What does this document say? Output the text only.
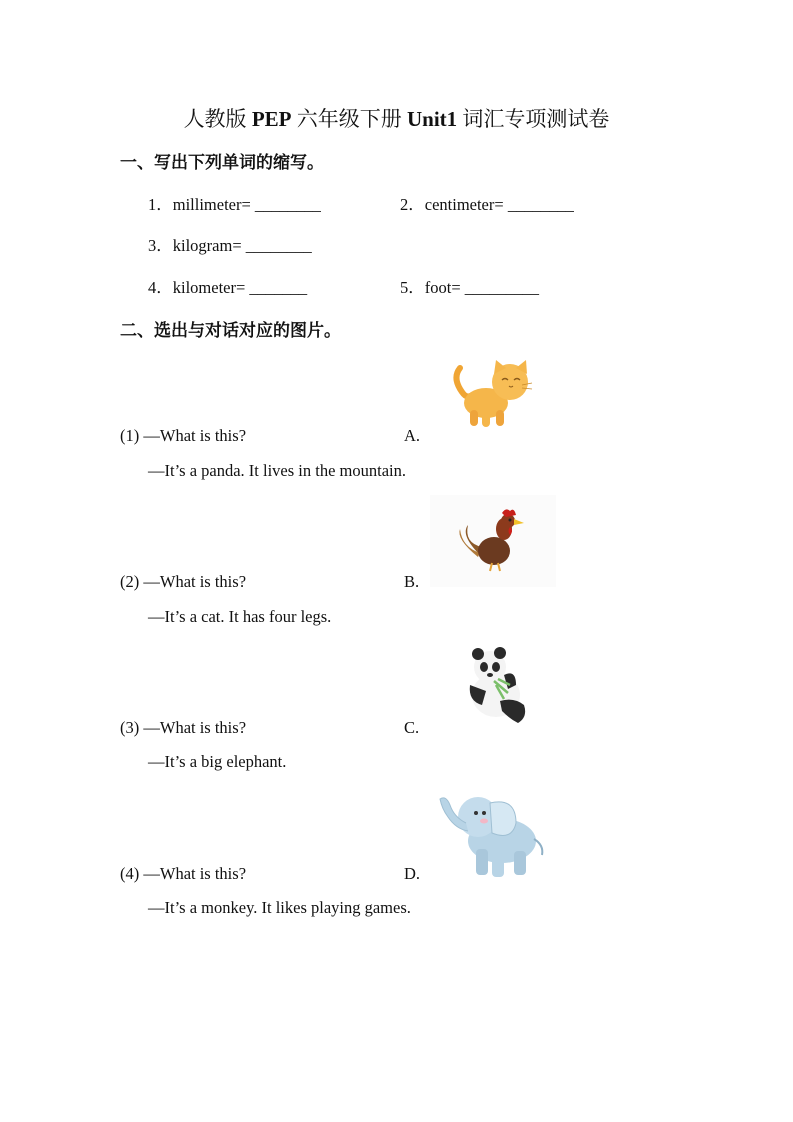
人教版 PEP 六年级下册 Unit1 词汇专项测试卷
一、写出下列单词的缩写。
1．millimeter= ________	2．centimeter= ________
3．kilogram= ________
4．kilometer= _______	5．foot= _________
二、选出与对话对应的图片。
(1) —What is this?	A.
—It’s a panda. It lives in the mountain.
(2) —What is this?	B.
—It’s a cat. It has four legs.
(3) —What is this?	C.
—It’s a big elephant.
(4) —What is this?	D.
—It’s a monkey. It likes playing games.
